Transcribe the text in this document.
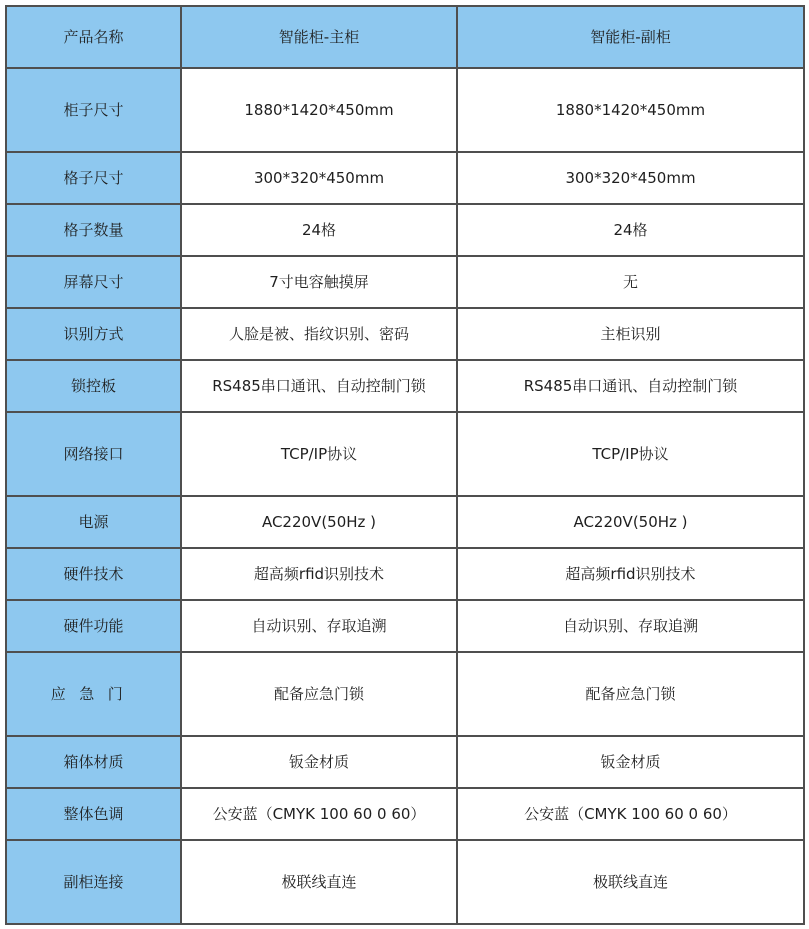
产品名称	智能柜-主柜	智能柜-副柜
柜子尺寸	1880*1420*450mm	1880*1420*450mm
格子尺寸	300*320*450mm	300*320*450mm
格子数量	24格	24格
屏幕尺寸	7寸电容触摸屏	无
识别方式	人脸是被、指纹识别、密码	主柜识别
锁控板	RS485串口通讯、自动控制门锁	RS485串口通讯、自动控制门锁
网络接口	TCP/IP协议	TCP/IP协议
电源	AC220V(50Hz )	AC220V(50Hz )
硬件技术	超高频rfid识别技术	超高频rfid识别技术
硬件功能	自动识别、存取追溯	自动识别、存取追溯
应急门	配备应急门锁	配备应急门锁
箱体材质	钣金材质	钣金材质
整体色调	公安蓝（CMYK 100 60 0 60）	公安蓝（CMYK 100 60 0 60）
副柜连接	极联线直连	极联线直连
